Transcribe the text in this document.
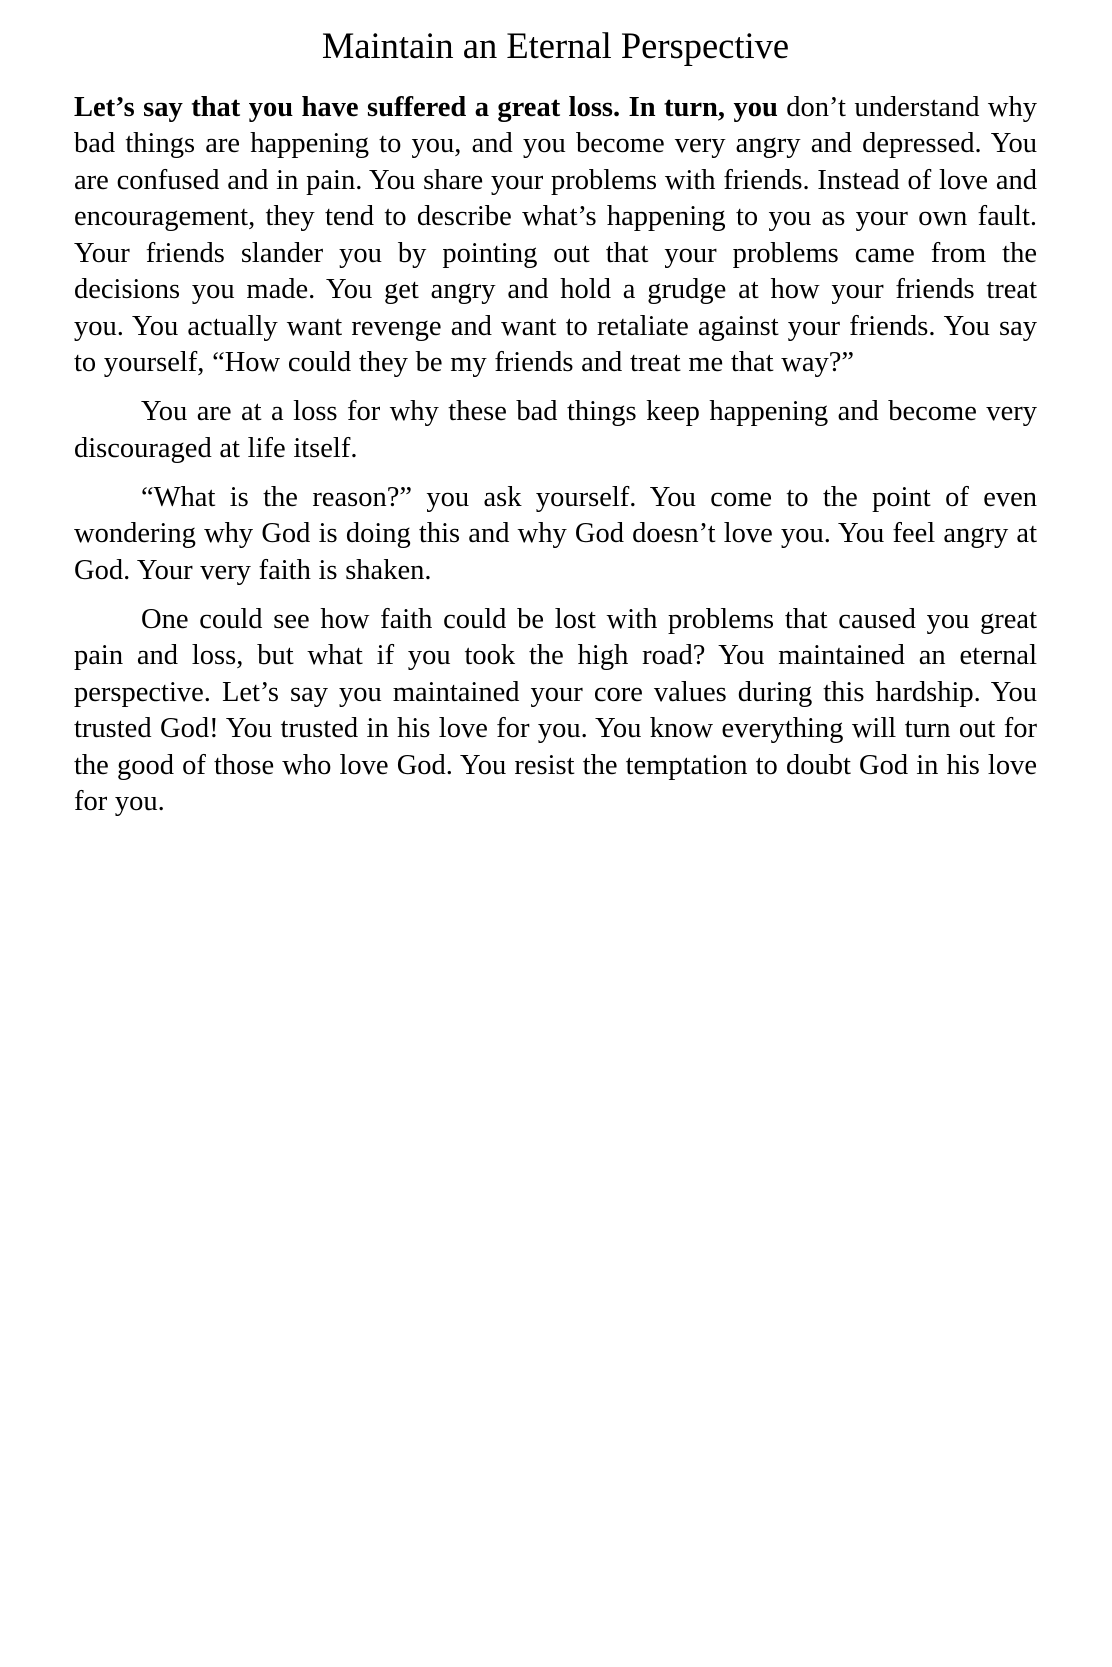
Maintain an Eternal Perspective

Let’s say that you have suffered a great loss. In turn, you don’t understand why bad things are happening to you, and you become very angry and depressed. You are confused and in pain. You share your problems with friends. Instead of love and encouragement, they tend to describe what’s happening to you as your own fault. Your friends slander you by pointing out that your problems came from the decisions you made. You get angry and hold a grudge at how your friends treat you. You actually want revenge and want to retaliate against your friends. You say to yourself, “How could they be my friends and treat me that way?”

You are at a loss for why these bad things keep happening and become very discouraged at life itself.

“What is the reason?” you ask yourself. You come to the point of even wondering why God is doing this and why God doesn’t love you. You feel angry at God. Your very faith is shaken.

One could see how faith could be lost with problems that caused you great pain and loss, but what if you took the high road? You maintained an eternal perspective. Let’s say you maintained your core values during this hardship. You trusted God! You trusted in his love for you. You know everything will turn out for the good of those who love God. You resist the temptation to doubt God in his love for you.
